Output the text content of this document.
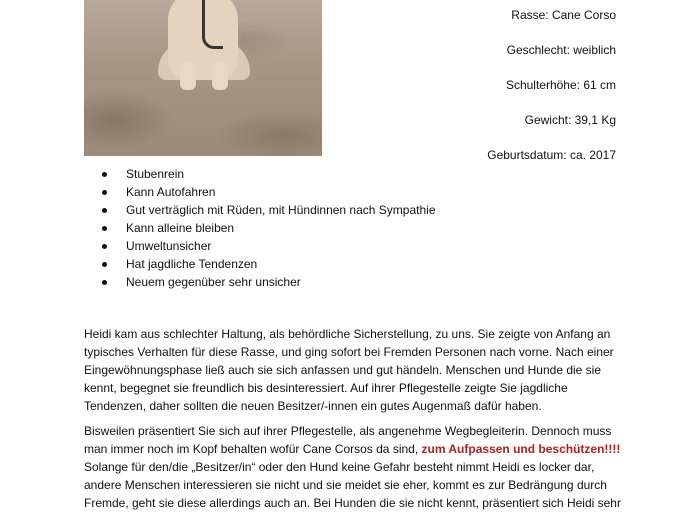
Rasse: Cane Corso
Geschlecht: weiblich
Schulterhöhe: 61 cm
Gewicht: 39,1 Kg
Geburtsdatum: ca. 2017
Stubenrein
Kann Autofahren
Gut verträglich mit Rüden, mit Hündinnen nach Sympathie
Kann alleine bleiben
Umweltunsicher
Hat jagdliche Tendenzen
Neuem gegenüber sehr unsicher

Heidi kam aus schlechter Haltung, als behördliche Sicherstellung, zu uns. Sie zeigte von Anfang an
typisches Verhalten für diese Rasse, und ging sofort bei Fremden Personen nach vorne. Nach einer
Eingewöhnungsphase ließ auch sie sich anfassen und gut händeln. Menschen und Hunde die sie
kennt, begegnet sie freundlich bis desinteressiert. Auf ihrer Pflegestelle zeigte Sie jagdliche
Tendenzen, daher sollten die neuen Besitzer/-innen ein gutes Augenmaß dafür haben.

Bisweilen präsentiert Sie sich auf ihrer Pflegestelle, als angenehme Wegbegleiterin. Dennoch muss
man immer noch im Kopf behalten wofür Cane Corsos da sind, zum Aufpassen und beschützen!!!!
Solange für den/die „Besitzer/in“ oder den Hund keine Gefahr besteht nimmt Heidi es locker dar,
andere Menschen interessieren sie nicht und sie meidet sie eher, kommt es zur Bedrängung durch
Fremde, geht sie diese allerdings auch an. Bei Hunden die sie nicht kennt, präsentiert sich Heidi sehr
